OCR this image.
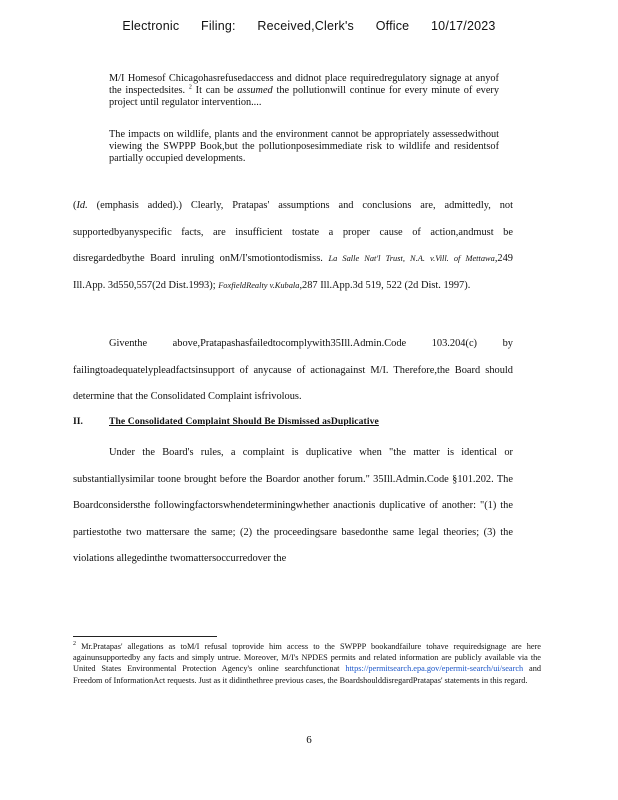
Electronic Filing: Received,Clerk's Office 10/17/2023
M/I Homesof Chicagohasrefusedaccess and didnot place requiredregulatory signage at anyof the inspectedsites. $^2$ It can be assumed the pollutionwill continue for every minute of every project until regulator intervention....
The impacts on wildlife, plants and the environment cannot be appropriately assessedwithout viewing the SWPPP Book,but the pollutionposesimmediate risk to wildlife and residentsof partially occupied developments.
(Id. (emphasis added).) Clearly, Pratapas' assumptions and conclusions are, admittedly, not supportedbyanyspecific facts, are insufficient tostate a proper cause of action,andmust be disregardedbythe Board inruling onM/I'smotiontodismiss. La Salle Nat'l Trust, N.A. v.Vill. of Mettawa,249 Ill.App. 3d550,557(2d Dist.1993); FoxfieldRealty v.Kubala,287 Ill.App.3d 519, 522 (2d Dist. 1997).
Giventhe above,Pratapashasfailedtocomplywith35Ill.Admin.Code 103.204(c) by failingtoadequatelypleadfactsinsupport of anycause of actionagainst M/I. Therefore,the Board should determine that the Consolidated Complaint isfrivolous.
II.	The Consolidated Complaint Should Be Dismissed asDuplicative
Under the Board's rules, a complaint is duplicative when "the matter is identical or substantiallysimilar toone brought before the Boardor another forum." 35Ill.Admin.Code §101.202. The Boardconsidersthe followingfactorswhendeterminingwhether anactionis duplicative of another: "(1) the partiestothe two mattersare the same; (2) the proceedingsare basedonthe same legal theories; (3) the violations allegedinthe twomattersoccurredover the
$^2$ Mr.Pratapas' allegations as toM/I refusal toprovide him access to the SWPPP bookandfailure tohave requiredsignage are here againunsupportedby any facts and simply untrue. Moreover, M/I's NPDES permits and related information are publicly available via the United States Environmental Protection Agency's online searchfunctionat https://permitsearch.epa.gov/epermit-search/ui/search and Freedom of InformationAct requests. Just as it didinthethree previous cases, the BoardshoulddisregardPratapas' statements in this regard.
6
